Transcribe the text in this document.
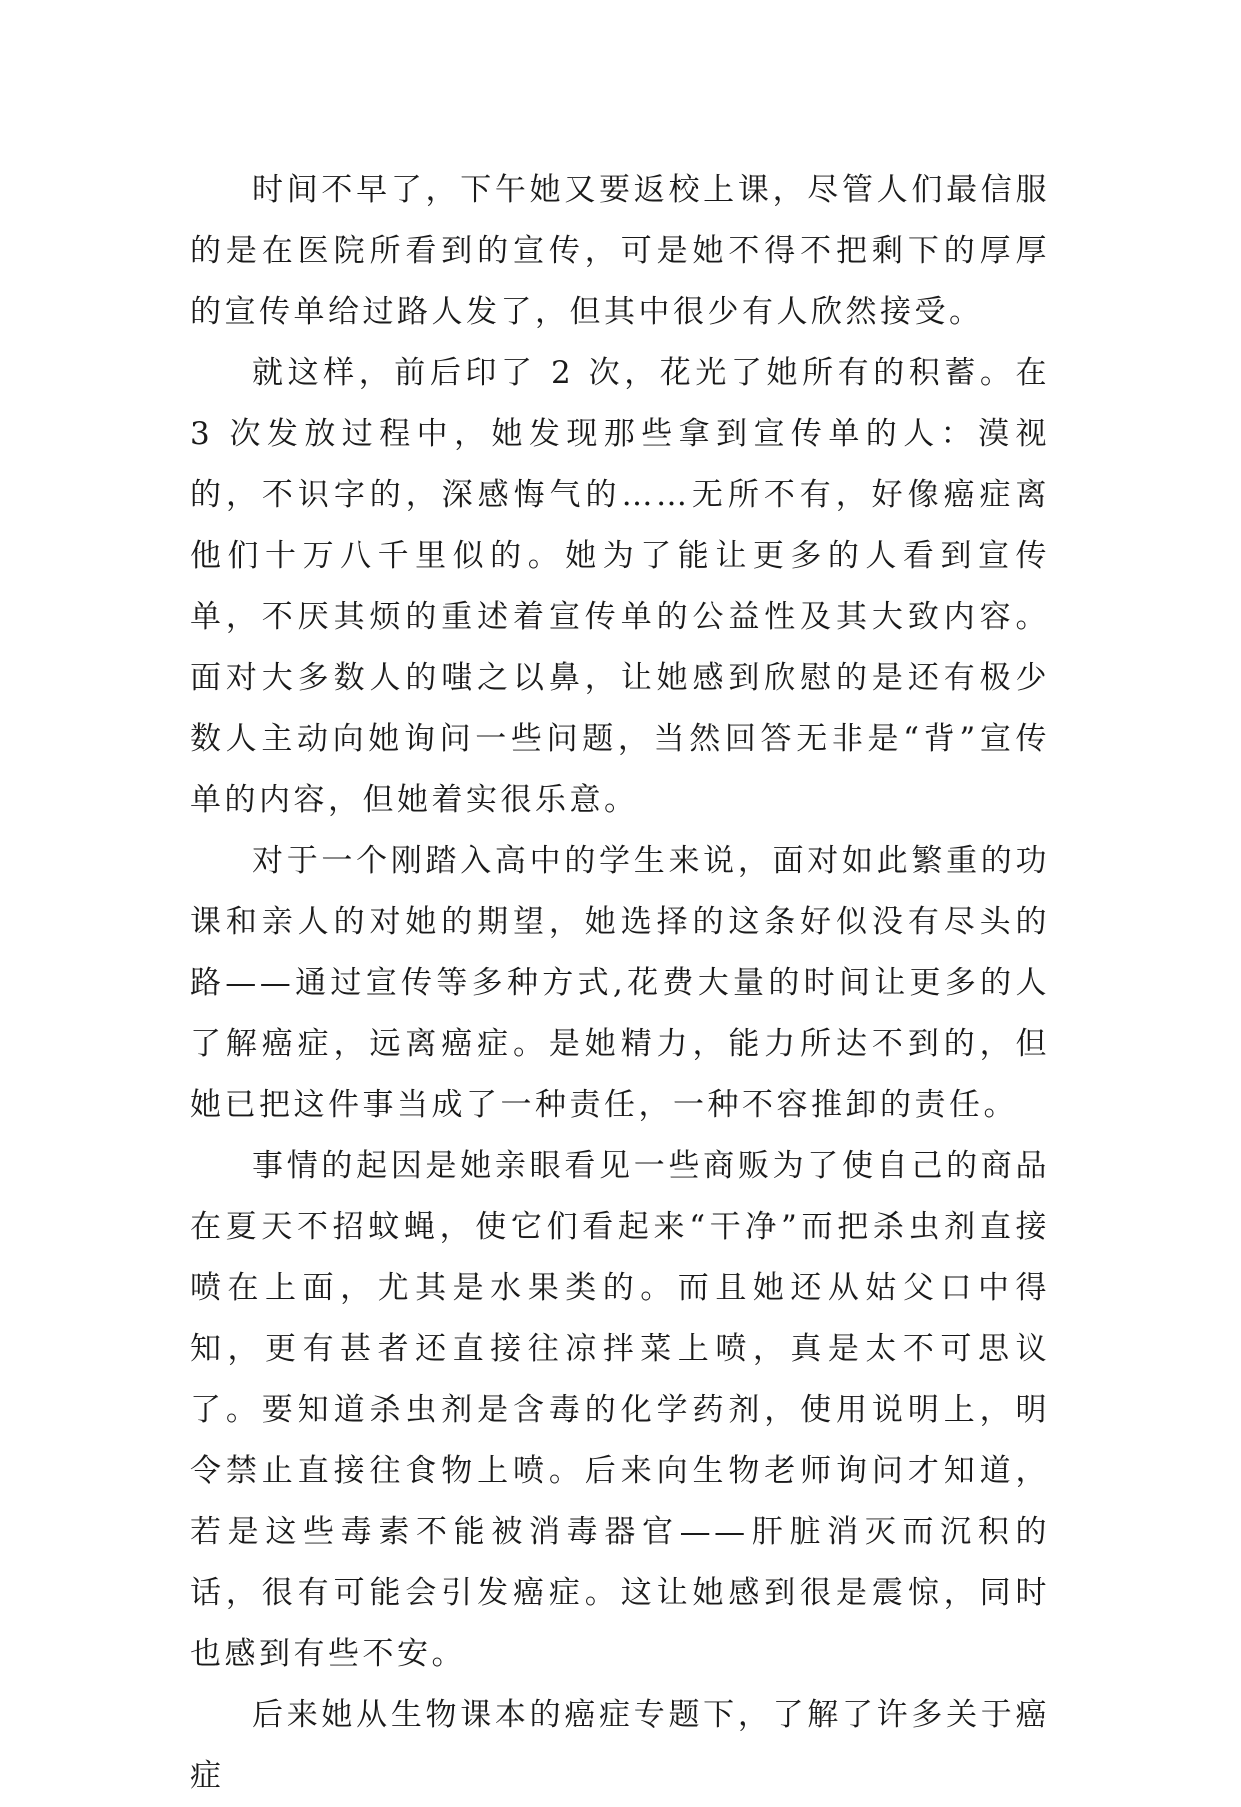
时间不早了，下午她又要返校上课，尽管人们最信服的是在医院所看到的宣传，可是她不得不把剩下的厚厚的宣传单给过路人发了，但其中很少有人欣然接受。

就这样，前后印了 2 次，花光了她所有的积蓄。在 3 次发放过程中，她发现那些拿到宣传单的人：漠视的，不识字的，深感悔气的……无所不有，好像癌症离他们十万八千里似的。她为了能让更多的人看到宣传单，不厌其烦的重述着宣传单的公益性及其大致内容。面对大多数人的嗤之以鼻，让她感到欣慰的是还有极少数人主动向她询问一些问题，当然回答无非是“背”宣传单的内容，但她着实很乐意。

对于一个刚踏入高中的学生来说，面对如此繁重的功课和亲人的对她的期望，她选择的这条好似没有尽头的路——通过宣传等多种方式,花费大量的时间让更多的人了解癌症，远离癌症。是她精力，能力所达不到的，但她已把这件事当成了一种责任，一种不容推卸的责任。

事情的起因是她亲眼看见一些商贩为了使自己的商品在夏天不招蚊蝇，使它们看起来“干净”而把杀虫剂直接喷在上面，尤其是水果类的。而且她还从姑父口中得知，更有甚者还直接往凉拌菜上喷，真是太不可思议了。要知道杀虫剂是含毒的化学药剂，使用说明上，明令禁止直接往食物上喷。后来向生物老师询问才知道，若是这些毒素不能被消毒器官——肝脏消灭而沉积的话，很有可能会引发癌症。这让她感到很是震惊，同时也感到有些不安。

后来她从生物课本的癌症专题下，了解了许多关于癌症
